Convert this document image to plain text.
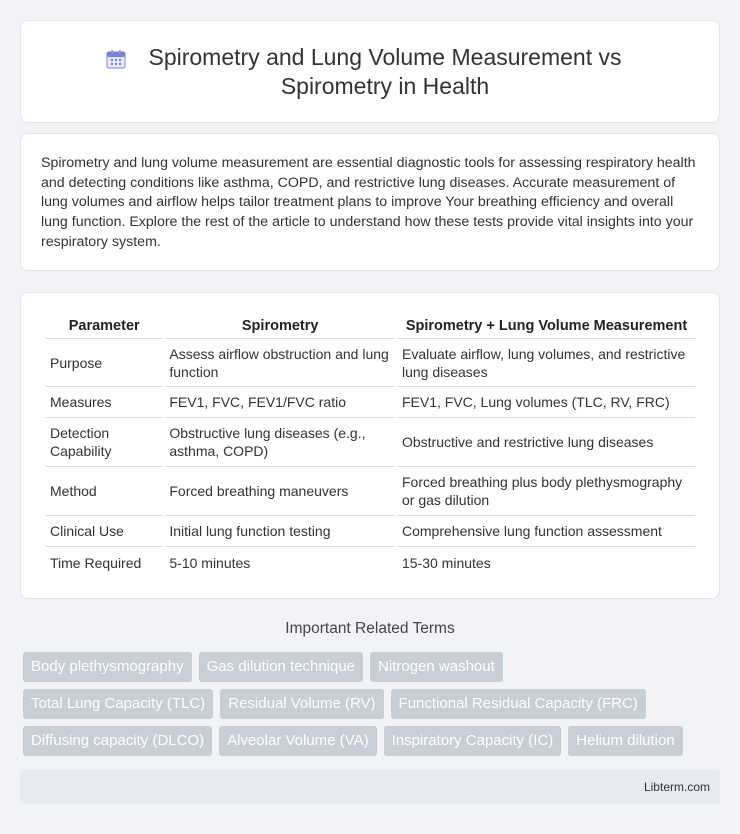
Spirometry and Lung Volume Measurement vs Spirometry in Health

Spirometry and lung volume measurement are essential diagnostic tools for assessing respiratory health and detecting conditions like asthma, COPD, and restrictive lung diseases. Accurate measurement of lung volumes and airflow helps tailor treatment plans to improve Your breathing efficiency and overall lung function. Explore the rest of the article to understand how these tests provide vital insights into your respiratory system.

Parameter	Spirometry	Spirometry + Lung Volume Measurement
Purpose	Assess airflow obstruction and lung function	Evaluate airflow, lung volumes, and restrictive lung diseases
Measures	FEV1, FVC, FEV1/FVC ratio	FEV1, FVC, Lung volumes (TLC, RV, FRC)
Detection Capability	Obstructive lung diseases (e.g., asthma, COPD)	Obstructive and restrictive lung diseases
Method	Forced breathing maneuvers	Forced breathing plus body plethysmography or gas dilution
Clinical Use	Initial lung function testing	Comprehensive lung function assessment
Time Required	5-10 minutes	15-30 minutes
Important Related Terms
Body plethysmography	Gas dilution technique	Nitrogen washout
Total Lung Capacity (TLC)	Residual Volume (RV)	Functional Residual Capacity (FRC)
Diffusing capacity (DLCO)	Alveolar Volume (VA)	Inspiratory Capacity (IC)	Helium dilution
Libterm.com
